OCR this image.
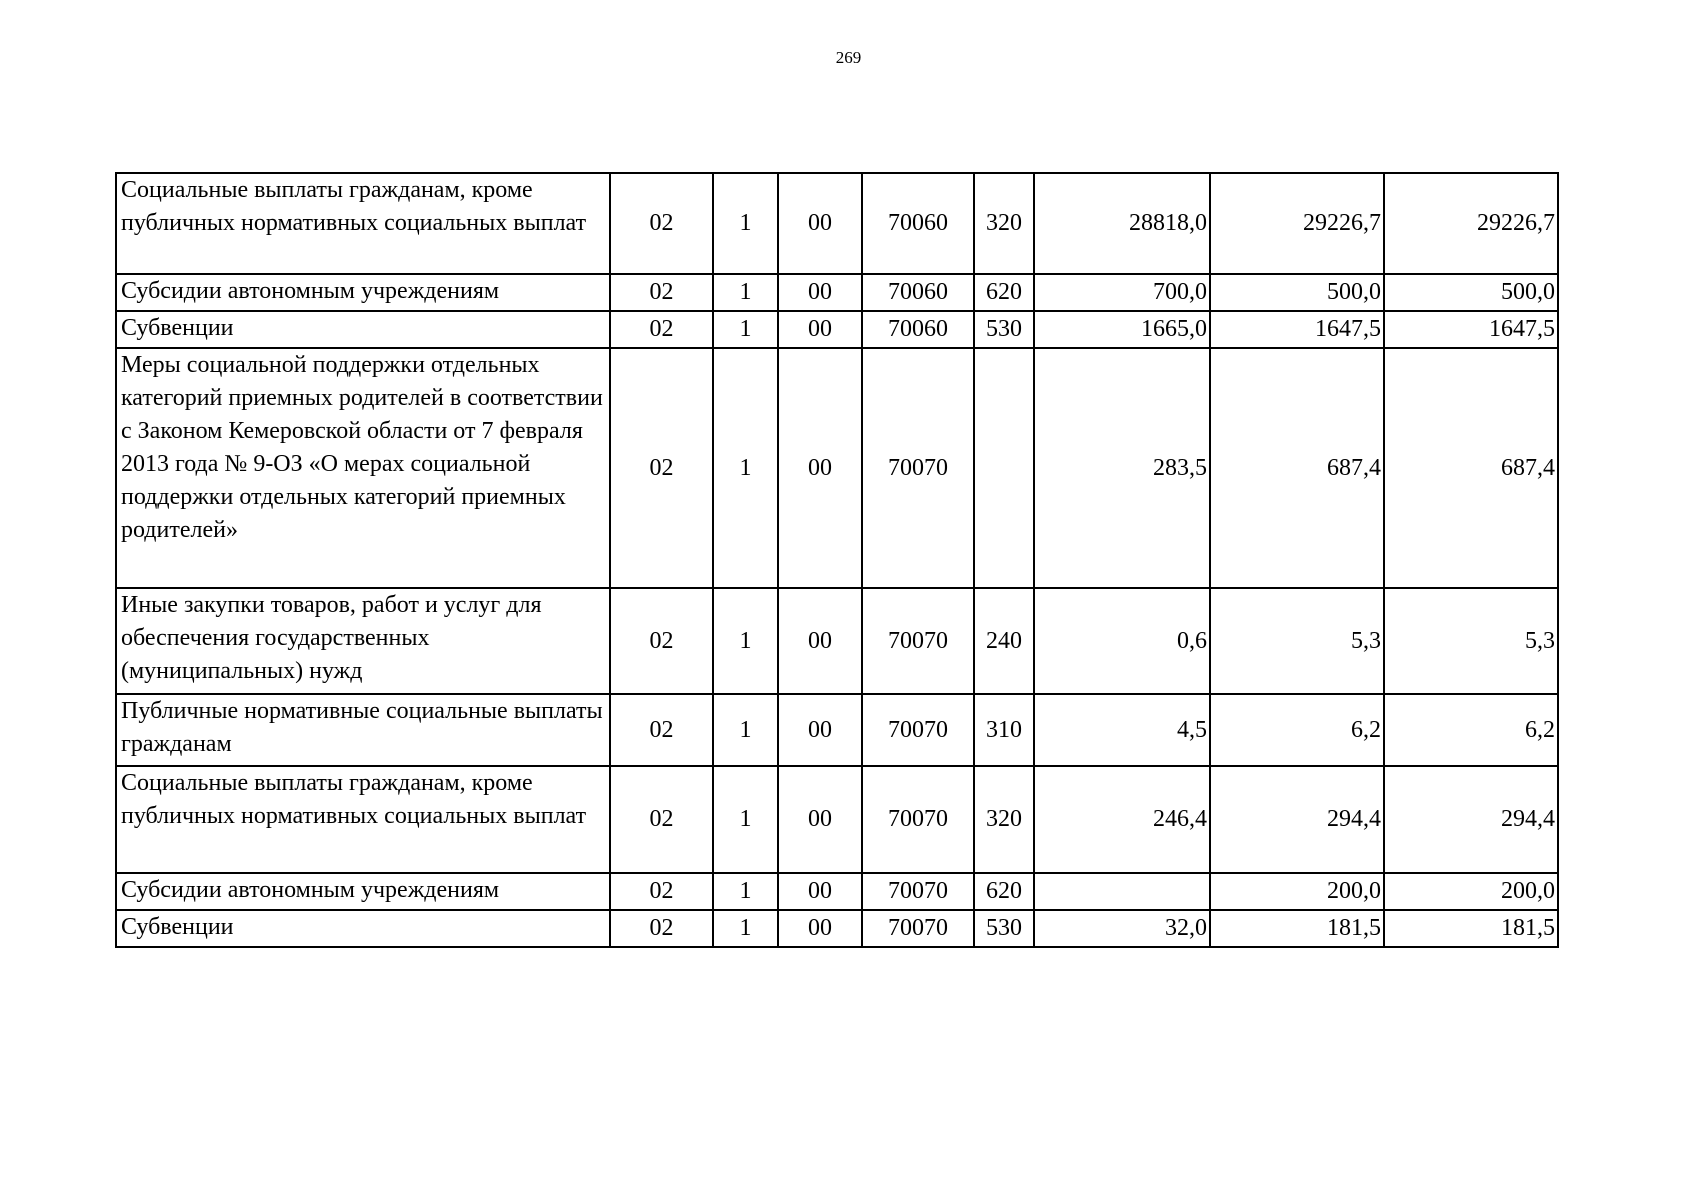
269
Социальные выплаты гражданам, кроме публичных нормативных социальных выплат	02	1	00	70060	320	28818,0	29226,7	29226,7
Субсидии автономным учреждениям	02	1	00	70060	620	700,0	500,0	500,0
Субвенции	02	1	00	70060	530	1665,0	1647,5	1647,5
Меры социальной поддержки отдельных категорий приемных родителей в соответствии с Законом Кемеровской области от 7 февраля 2013 года № 9-ОЗ «О мерах социальной поддержки отдельных категорий приемных родителей»	02	1	00	70070		283,5	687,4	687,4
Иные закупки товаров, работ и услуг для обеспечения государственных (муниципальных) нужд	02	1	00	70070	240	0,6	5,3	5,3
Публичные нормативные социальные выплаты гражданам	02	1	00	70070	310	4,5	6,2	6,2
Социальные выплаты гражданам, кроме публичных нормативных социальных выплат	02	1	00	70070	320	246,4	294,4	294,4
Субсидии автономным учреждениям	02	1	00	70070	620		200,0	200,0
Субвенции	02	1	00	70070	530	32,0	181,5	181,5
